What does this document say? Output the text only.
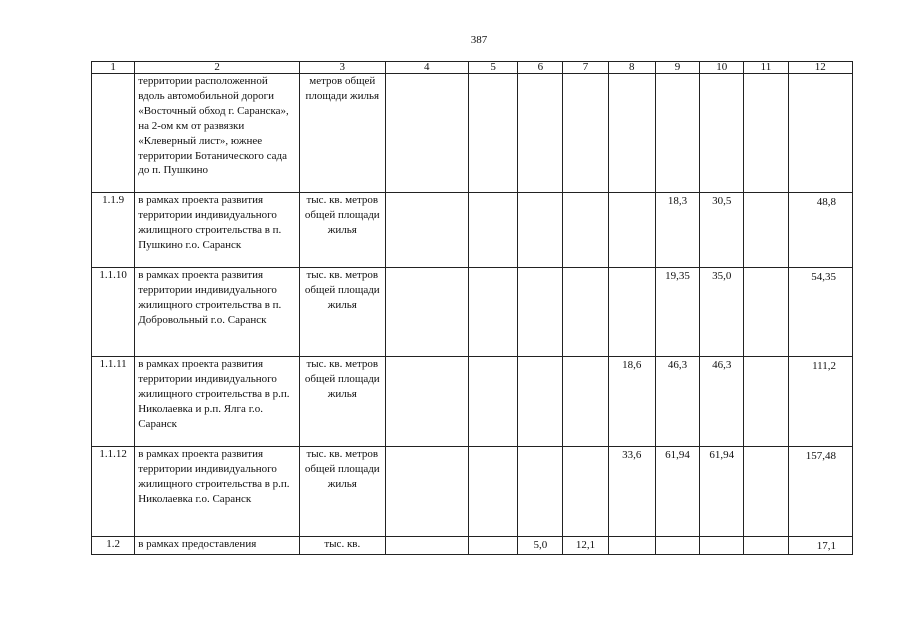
387
1	2	3	4	5	6	7	8	9	10	11	12
	территории расположенной вдоль автомобильной дороги «Восточный обход г. Саранска», на 2-ом км от развязки «Клеверный лист», южнее территории Ботанического сада до п. Пушкино	метров общей площади жилья									
1.1.9	в рамках проекта развития территории индивидуального жилищного строительства в п. Пушкино г.о. Саранск	тыс. кв. метров общей площади жилья						18,3	30,5		48,8
1.1.10	в рамках проекта развития территории индивидуального жилищного строительства в п. Добровольный г.о. Саранск	тыс. кв. метров общей площади жилья						19,35	35,0		54,35
1.1.11	в рамках проекта развития территории индивидуального жилищного строительства в р.п. Николаевка и р.п. Ялга г.о. Саранск	тыс. кв. метров общей площади жилья					18,6	46,3	46,3		111,2
1.1.12	в рамках проекта развития территории индивидуального жилищного строительства в р.п. Николаевка г.о. Саранск	тыс. кв. метров общей площади жилья					33,6	61,94	61,94		157,48
1.2	в рамках предоставления	тыс. кв.			5,0	12,1					17,1
